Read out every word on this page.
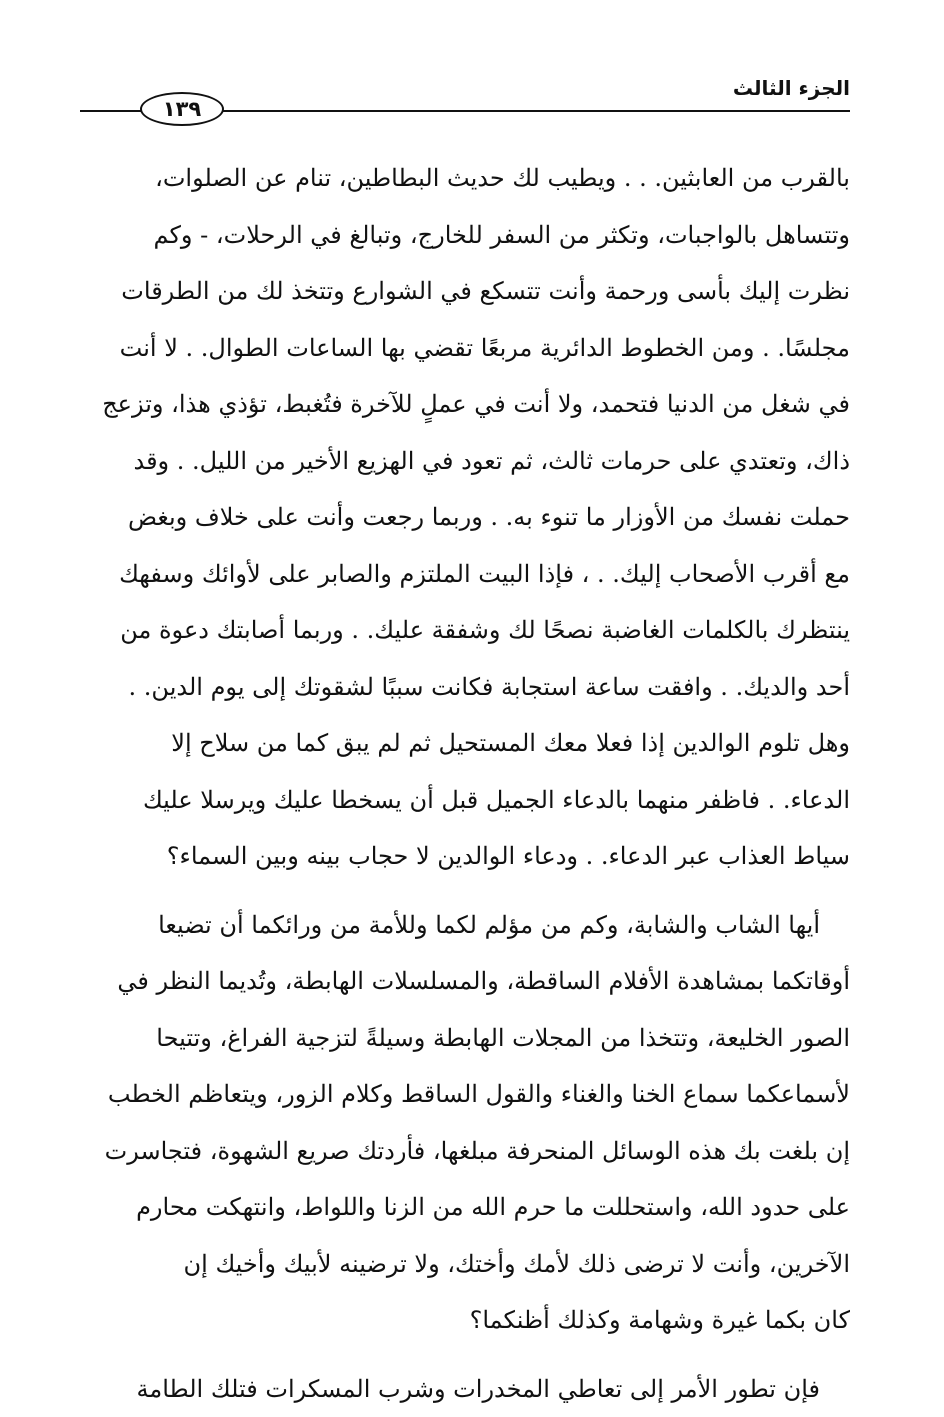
الجزء الثالث
١٣٩
بالقرب من العابثين. . . ويطيب لك حديث البطاطين، تنام عن الصلوات،
وتتساهل بالواجبات، وتكثر من السفر للخارج، وتبالغ في الرحلات، - وكم
نظرت إليك بأسى ورحمة وأنت تتسكع في الشوارع وتتخذ لك من الطرقات
مجلسًا. . ومن الخطوط الدائرية مربعًا تقضي بها الساعات الطوال. . لا أنت
في شغل من الدنيا فتحمد، ولا أنت في عملٍ للآخرة فتُغبط، تؤذي هذا، وتزعج
ذاك، وتعتدي على حرمات ثالث، ثم تعود في الهزيع الأخير من الليل. . وقد
حملت نفسك من الأوزار ما تنوء به. . وربما رجعت وأنت على خلاف وبغض
مع أقرب الأصحاب إليك. . ، فإذا البيت الملتزم والصابر على لأوائك وسفهك
ينتظرك بالكلمات الغاضبة نصحًا لك وشفقة عليك. . وربما أصابتك دعوة من
أحد والديك. . وافقت ساعة استجابة فكانت سببًا لشقوتك إلى يوم الدين. .
وهل تلوم الوالدين إذا فعلا معك المستحيل ثم لم يبق كما من سلاح إلا
الدعاء. . فاظفر منهما بالدعاء الجميل قبل أن يسخطا عليك ويرسلا عليك
سياط العذاب عبر الدعاء. . ودعاء الوالدين لا حجاب بينه وبين السماء؟
أيها الشاب والشابة، وكم من مؤلم لكما وللأمة من ورائكما أن تضيعا
أوقاتكما بمشاهدة الأفلام الساقطة، والمسلسلات الهابطة، وتُديما النظر في
الصور الخليعة، وتتخذا من المجلات الهابطة وسيلةً لتزجية الفراغ، وتتيحا
لأسماعكما سماع الخنا والغناء والقول الساقط وكلام الزور، ويتعاظم الخطب
إن بلغت بك هذه الوسائل المنحرفة مبلغها، فأردتك صريع الشهوة، فتجاسرت
على حدود الله، واستحللت ما حرم الله من الزنا واللواط، وانتهكت محارم
الآخرين، وأنت لا ترضى ذلك لأمك وأختك، ولا ترضينه لأبيك وأخيك إن
كان بكما غيرة وشهامة وكذلك أظنكما؟
فإن تطور الأمر إلى تعاطي المخدرات وشرب المسكرات فتلك الطامة
